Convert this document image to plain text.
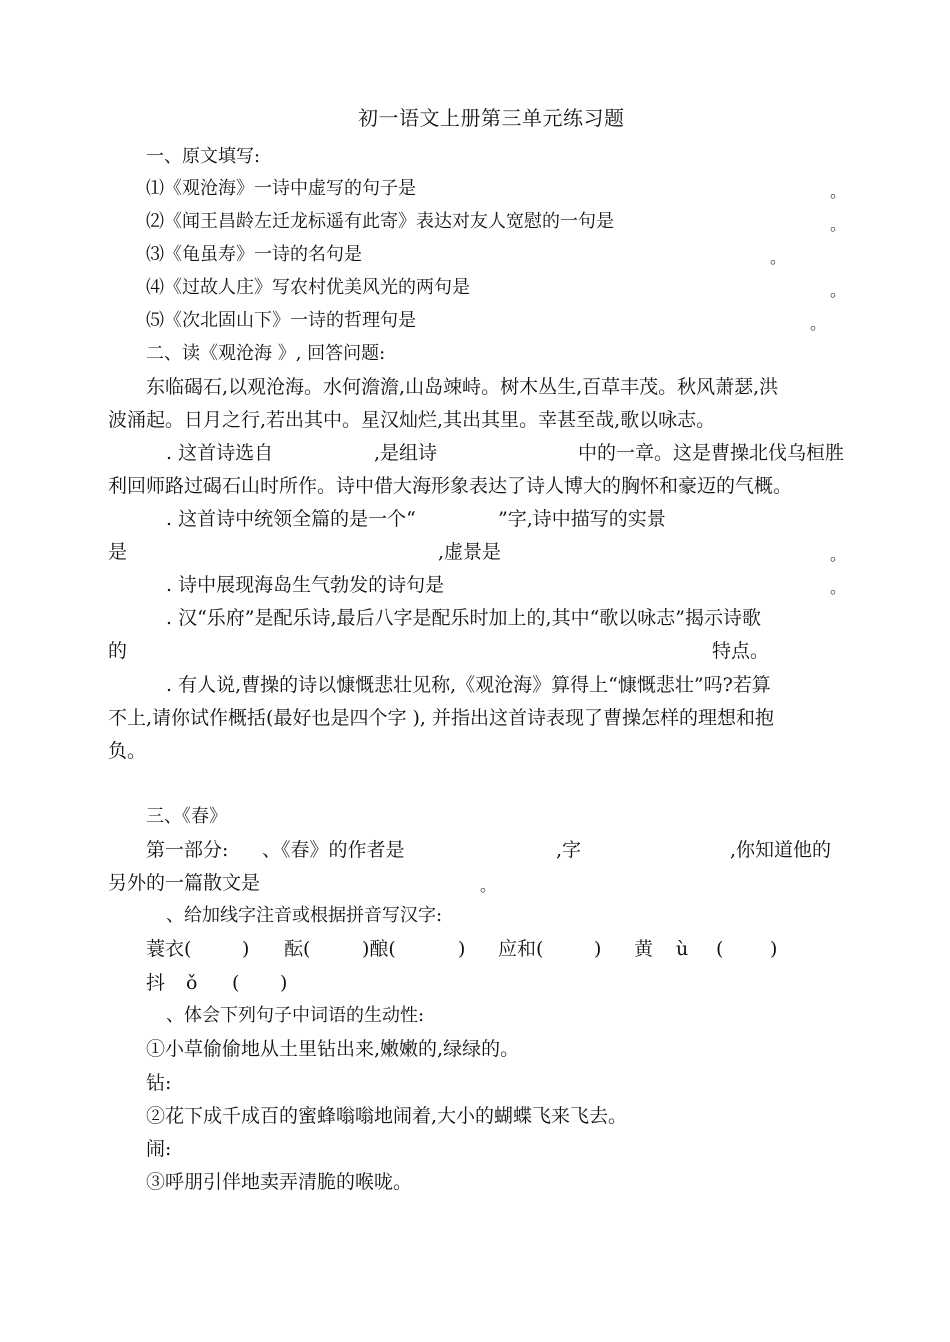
初一语文上册第三单元练习题
一、原文填写:
⑴《观沧海》一诗中虚写的句子是	。
⑵《闻王昌龄左迁龙标遥有此寄》表达对友人宽慰的一句是	。
⑶《龟虽寿》一诗的名句是	。
⑷《过故人庄》写农村优美风光的两句是	。
⑸《次北固山下》一诗的哲理句是	。
二、读《观沧海 》, 回答问题:
东临碣石,以观沧海。水何澹澹,山岛竦峙。树木丛生,百草丰茂。秋风萧瑟,洪
波涌起。日月之行,若出其中。星汉灿烂,其出其里。幸甚至哉,歌以咏志。
. 这首诗选自	,是组诗	中的一章。这是曹操北伐乌桓胜
利回师路过碣石山时所作。诗中借大海形象表达了诗人博大的胸怀和豪迈的气概。
. 这首诗中统领全篇的是一个“	”字,诗中描写的实景
是	,虚景是	。
. 诗中展现海岛生气勃发的诗句是	。
. 汉“乐府”是配乐诗,最后八字是配乐时加上的,其中“歌以咏志”揭示诗歌
的	特点。
. 有人说,曹操的诗以慷慨悲壮见称,《观沧海》算得上“慷慨悲壮”吗?若算
不上,请你试作概括(最好也是四个字 ), 并指出这首诗表现了曹操怎样的理想和抱
负。
三、《春》
第一部分: 、《春》的作者是	,字	,你知道他的
另外的一篇散文是	。
、给加线字注音或根据拼音写汉字:
蓑衣(	) 酝(	)酿(	) 应和(	) 黄 ù ( )
抖 ǒ ( )
、体会下列句子中词语的生动性:
①小草偷偷地从土里钻出来,嫩嫩的,绿绿的。
钻:
②花下成千成百的蜜蜂嗡嗡地闹着,大小的蝴蝶飞来飞去。
闹:
③呼朋引伴地卖弄清脆的喉咙。
